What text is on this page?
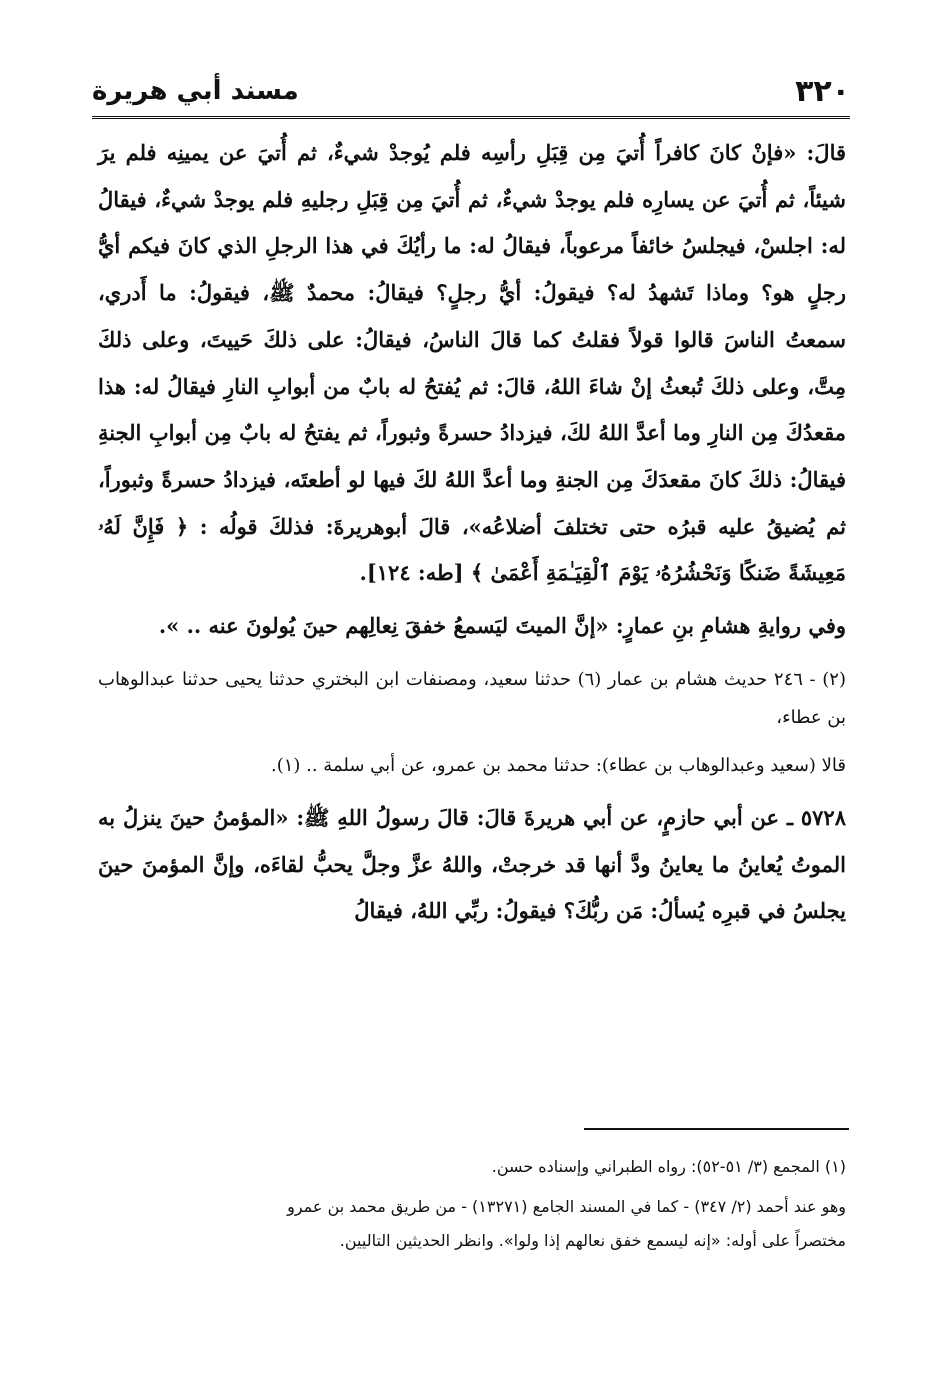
٣٢٠
مسند أبي هريرة

قالَ: «فإنْ كانَ كافراً أُتيَ مِن قِبَلِ رأسِه فلم يُوجدْ شيءٌ، ثم أُتيَ عن يمينِه فلم يرَ شيئاً، ثم أُتيَ عن يسارِه فلم يوجدْ شيءٌ، ثم أُتيَ مِن قِبَلِ رجليهِ فلم يوجدْ شيءٌ، فيقالُ له: اجلسْ، فيجلسُ خائفاً مرعوباً، فيقالُ له: ما رأيُكَ في هذا الرجلِ الذي كانَ فيكم أيُّ رجلٍ هو؟ وماذا تَشهدُ له؟ فيقولُ: أيُّ رجلٍ؟ فيقالُ: محمدٌ ﷺ، فيقولُ: ما أَدري، سمعتُ الناسَ قالوا قولاً فقلتُ كما قالَ الناسُ، فيقالُ: على ذلكَ حَييتَ، وعلى ذلكَ مِتَّ، وعلى ذلكَ تُبعثُ إنْ شاءَ اللهُ، قالَ: ثم يُفتحُ له بابٌ من أبوابِ النارِ فيقالُ له: هذا مقعدُكَ مِن النارِ وما أعدَّ اللهُ لكَ، فيزدادُ حسرةً وثبوراً، ثم يفتحُ له بابٌ مِن أبوابِ الجنةِ فيقالُ: ذلكَ كانَ مقعدَكَ مِن الجنةِ وما أعدَّ اللهُ لكَ فيها لو أطعتَه، فيزدادُ حسرةً وثبوراً، ثم يُضيقُ عليه قبرُه حتى تختلفَ أضلاعُه»، قالَ أبوهريرةَ: فذلكَ قولُه : ﴿ فَإِنَّ لَهُۥ مَعِيشَةً ضَنكًا وَنَحْشُرُهُۥ يَوْمَ ٱلْقِيَـٰمَةِ أَعْمَىٰ ﴾ [طه: ١٢٤].

وفي روايةِ هشامِ بنِ عمارٍ: «إنَّ الميتَ ليَسمعُ خفقَ نِعالِهم حينَ يُولونَ عنه .. ».

(٢) - ٢٤٦ حديث هشام بن عمار (٦) حدثنا سعيد، ومصنفات ابن البختري حدثنا يحيى حدثنا عبدالوهاب بن عطاء،

قالا (سعيد وعبدالوهاب بن عطاء): حدثنا محمد بن عمرو، عن أبي سلمة .. (١).

٥٧٢٨ ـ عن أبي حازمٍ، عن أبي هريرةَ قالَ: قالَ رسولُ اللهِ ﷺ: «المؤمنُ حينَ ينزلُ به الموتُ يُعاينُ ما يعاينُ ودَّ أنها قد خرجتْ، واللهُ عزَّ وجلَّ يحبُّ لقاءَه، وإنَّ المؤمنَ حينَ يجلسُ في قبرِه يُسألُ: مَن ربُّكَ؟ فيقولُ: ربِّي اللهُ، فيقالُ

(١) المجمع (٣/ ٥١-٥٢): رواه الطبراني وإسناده حسن.

وهو عند أحمد (٢/ ٣٤٧) - كما في المسند الجامع (١٣٢٧١) - من طريق محمد بن عمرو

مختصراً على أوله: «إنه ليسمع خفق نعالهم إذا ولوا». وانظر الحديثين التاليين.
